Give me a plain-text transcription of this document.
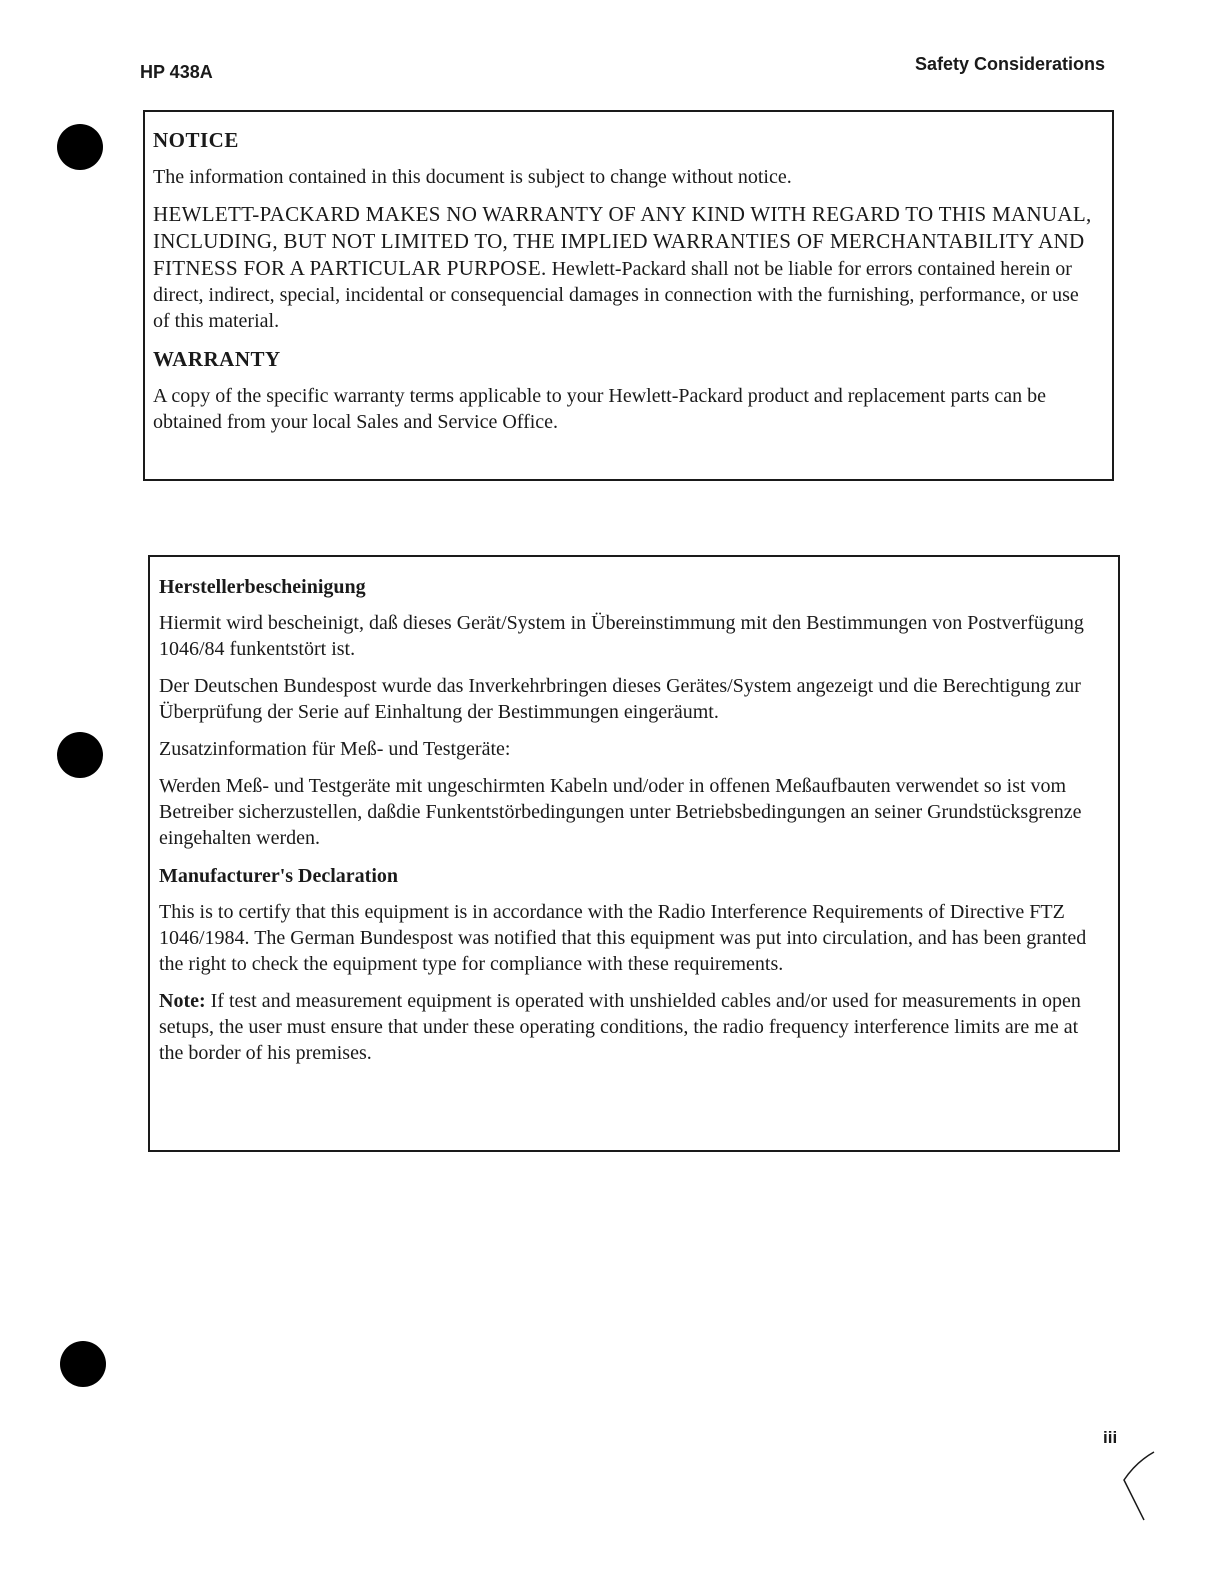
HP 438A	Safety Considerations

NOTICE

The information contained in this document is subject to change without notice.

HEWLETT-PACKARD MAKES NO WARRANTY OF ANY KIND WITH REGARD TO THIS MANUAL, INCLUDING, BUT NOT LIMITED TO, THE IMPLIED WARRANTIES OF MERCHANTABILITY AND FITNESS FOR A PARTICULAR PURPOSE. Hewlett-Packard shall not be liable for errors contained herein or direct, indirect, special, incidental or consequencial damages in connection with the furnishing, performance, or use of this material.

WARRANTY

A copy of the specific warranty terms applicable to your Hewlett-Packard product and replacement parts can be obtained from your local Sales and Service Office.

Herstellerbescheinigung

Hiermit wird bescheinigt, daß dieses Gerät/System in Übereinstimmung mit den Bestimmungen von Postverfügung 1046/84 funkentstört ist.

Der Deutschen Bundespost wurde das Inverkehrbringen dieses Gerätes/System angezeigt und die Berechtigung zur Überprüfung der Serie auf Einhaltung der Bestimmungen eingeräumt.

Zusatzinformation für Meß- und Testgeräte:

Werden Meß- und Testgeräte mit ungeschirmten Kabeln und/oder in offenen Meßaufbauten verwendet so ist vom Betreiber sicherzustellen, daßdie Funkentstörbedingungen unter Betriebsbedingungen an seiner Grundstücksgrenze eingehalten werden.

Manufacturer's Declaration

This is to certify that this equipment is in accordance with the Radio Interference Requirements of Directive FTZ 1046/1984. The German Bundespost was notified that this equipment was put into circulation, and has been granted the right to check the equipment type for compliance with these requirements.

Note: If test and measurement equipment is operated with unshielded cables and/or used for measurements in open setups, the user must ensure that under these operating conditions, the radio frequency interference limits are me at the border of his premises.

iii
